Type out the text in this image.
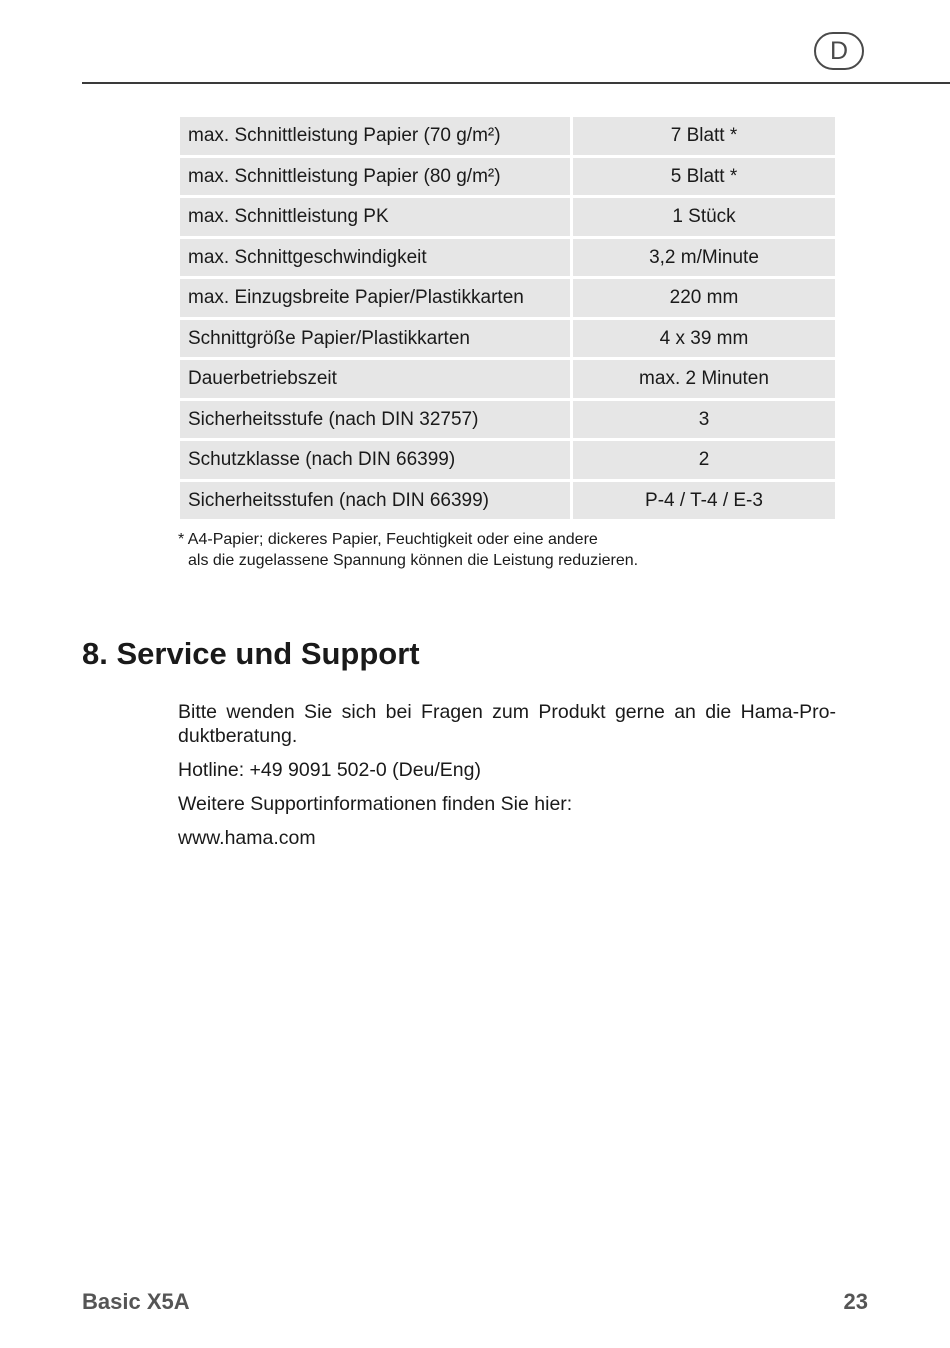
D
max. Schnittleistung Papier (70 g/m²)	7 Blatt *
max. Schnittleistung Papier (80 g/m²)	5 Blatt *
max. Schnittleistung PK	1 Stück
max. Schnittgeschwindigkeit	3,2 m/Minute
max. Einzugsbreite Papier/Plastikkarten	220 mm
Schnittgröße Papier/Plastikkarten	4 x 39 mm
Dauerbetriebszeit	max. 2 Minuten
Sicherheitsstufe (nach DIN 32757)	3
Schutzklasse (nach DIN 66399)	2
Sicherheitsstufen (nach DIN 66399)	P-4 / T-4 / E-3
* A4-Papier; dickeres Papier, Feuchtigkeit oder eine andere
als die zugelassene Spannung können die Leistung reduzieren.
8. Service und Support

Bitte wenden Sie sich bei Fragen zum Produkt gerne an die Hama-Pro-
duktberatung.

Hotline: +49 9091 502-0 (Deu/Eng)

Weitere Supportinformationen finden Sie hier:

www.hama.com

Basic X5A	23
